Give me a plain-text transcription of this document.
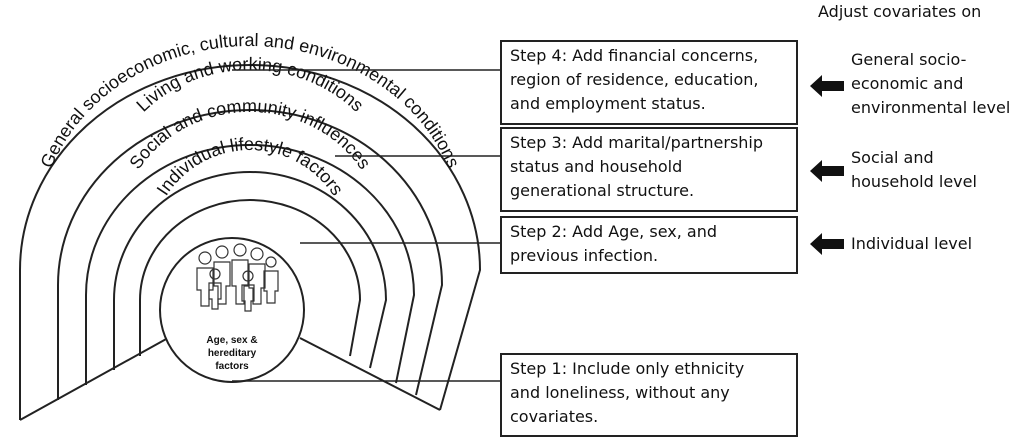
Age, sex &
hereditary
factors
General socioeconomic, cultural and environmental conditions
Living and working conditions
Social and community influences
Individual lifestyle factors
Adjust covariates on
Step 4: Add financial concerns,
region of residence, education,
and employment status.
Step 3: Add marital/partnership
status and household
generational structure.
Step 2: Add Age, sex, and
previous infection.
Step 1: Include only ethnicity
and loneliness, without any
covariates.
General socio-
economic and
environmental level
Social and
household level
Individual level
